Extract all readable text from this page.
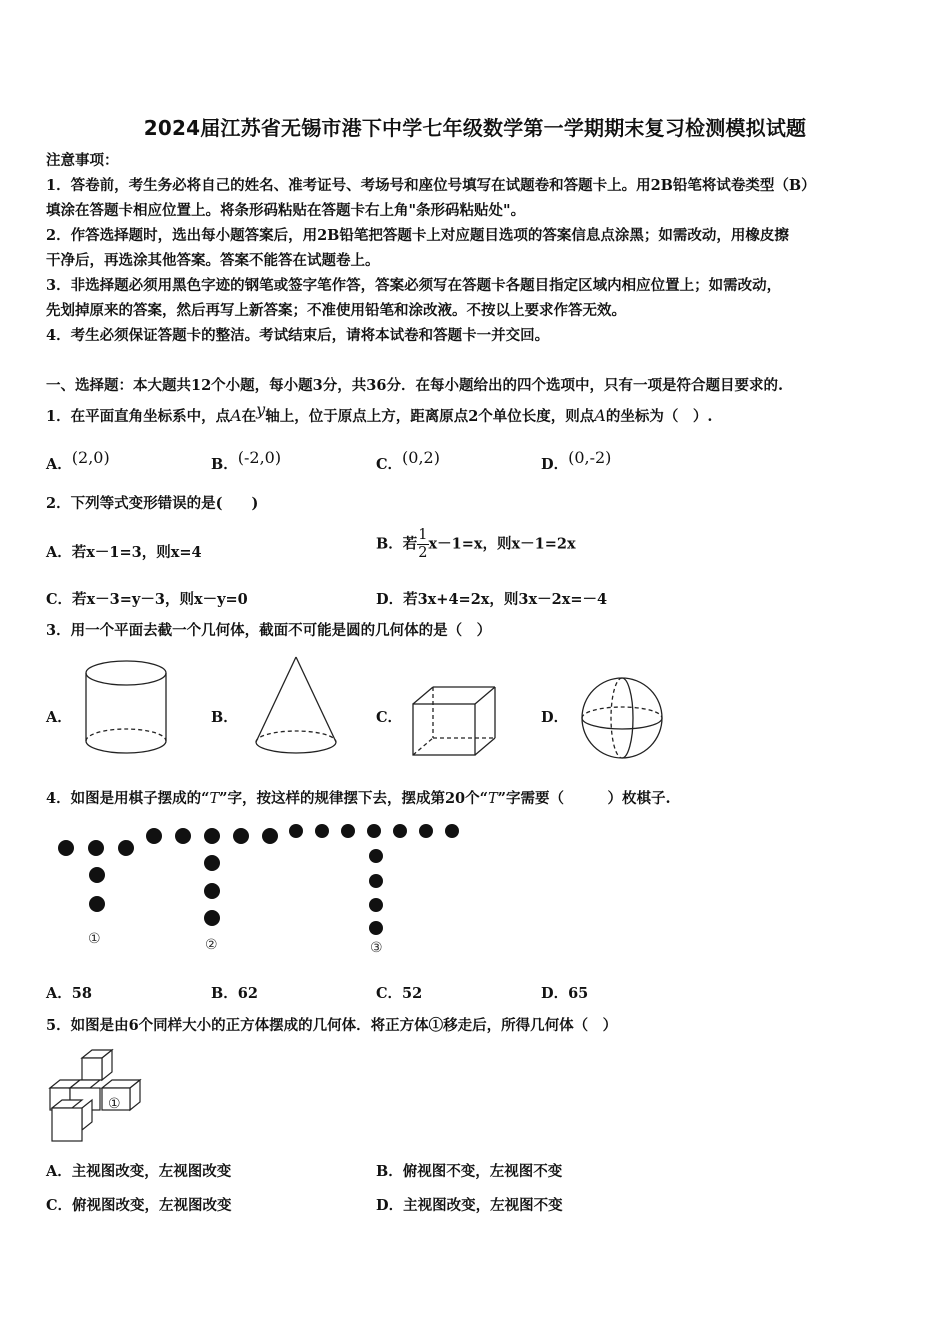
2024届江苏省无锡市港下中学七年级数学第一学期期末复习检测模拟试题
注意事项：
1．答卷前，考生务必将自己的姓名、准考证号、考场号和座位号填写在试题卷和答题卡上。用2B铅笔将试卷类型（B）
填涂在答题卡相应位置上。将条形码粘贴在答题卡右上角"条形码粘贴处"。
2．作答选择题时，选出每小题答案后，用2B铅笔把答题卡上对应题目选项的答案信息点涂黑；如需改动，用橡皮擦
干净后，再选涂其他答案。答案不能答在试题卷上。
3．非选择题必须用黑色字迹的钢笔或签字笔作答，答案必须写在答题卡各题目指定区域内相应位置上；如需改动，
先划掉原来的答案，然后再写上新答案；不准使用铅笔和涂改液。不按以上要求作答无效。
4．考生必须保证答题卡的整洁。考试结束后，请将本试卷和答题卡一并交回。
一、选择题：本大题共12个小题，每小题3分，共36分．在每小题给出的四个选项中，只有一项是符合题目要求的.
1．在平面直角坐标系中，点A在$^y$轴上，位于原点上方，距离原点2个单位长度，则点A的坐标为（　）.
A．$^{(2,0)}$	B．$^{(-2,0)}$	C．$^{(0,2)}$	D．$^{(0,-2)}$
2．下列等式变形错误的是(　　)
A．若x－1=3，则x=4	B．若 $\frac{1}{2} x-1=x$，则x－1=2x
C．若x－3=y－3，则x－y=0	D．若3x+4=2x，则3x－2x=－4
3．用一个平面去截一个几何体，截面不可能是圆的几何体的是（　）
A．	B．	C．	D．
4．如图是用棋子摆成的“T”字，按这样的规律摆下去，摆成第20个“T”字需要（　　　）枚棋子.
①	②	③
A．58	B．62	C．52	D．65
5．如图是由6个同样大小的正方体摆成的几何体．将正方体①移走后，所得几何体（　）
①
A．主视图改变，左视图改变	B．俯视图不变，左视图不变
C．俯视图改变，左视图改变	D．主视图改变，左视图不变
